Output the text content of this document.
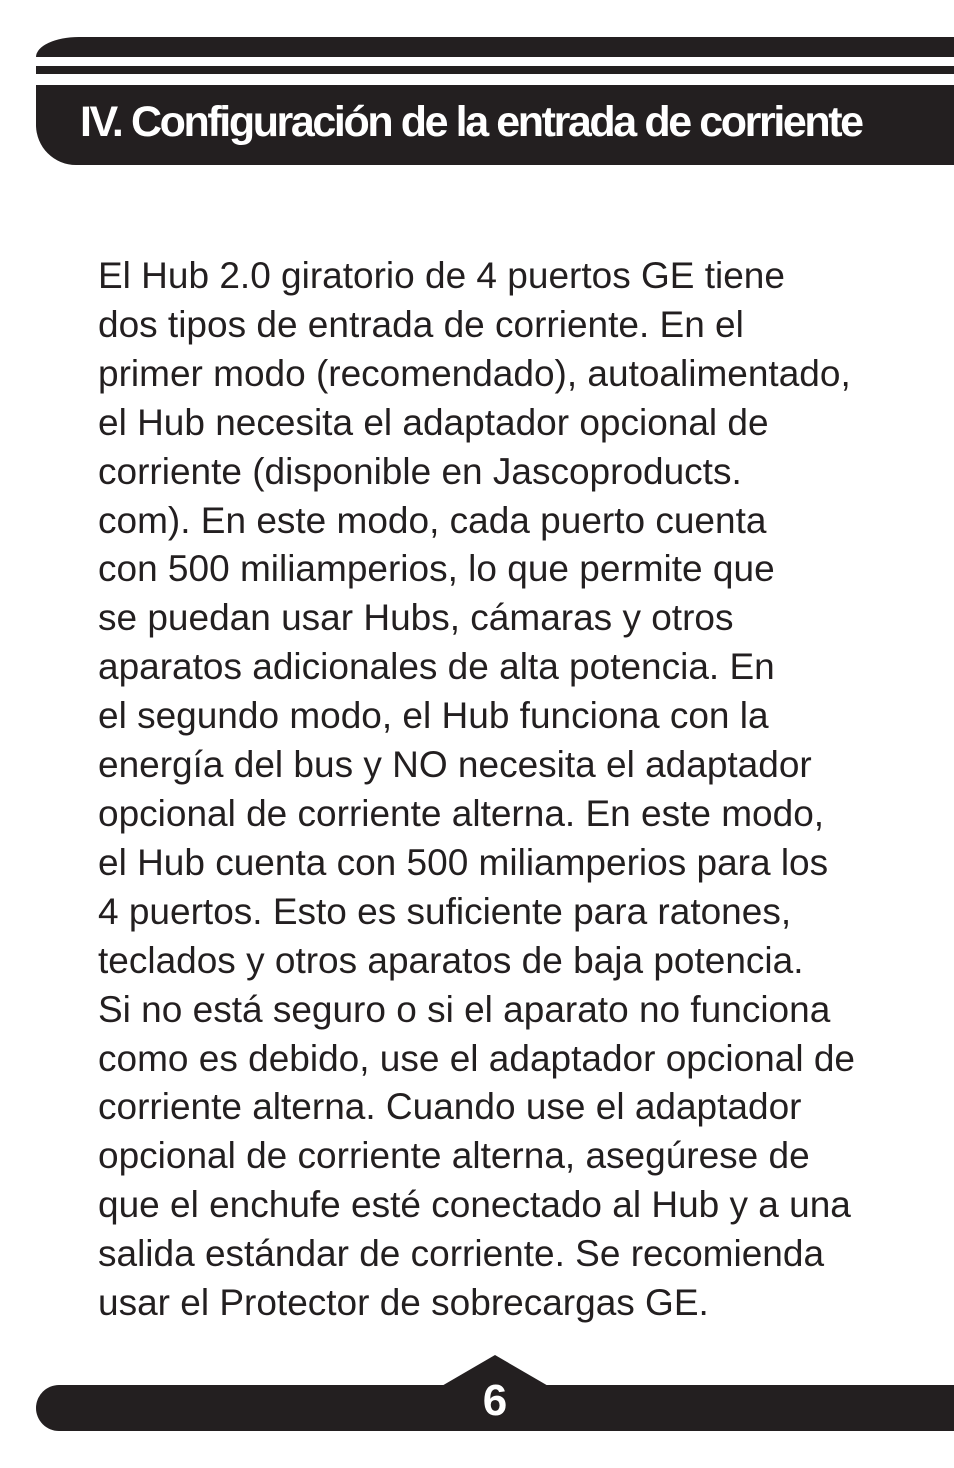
IV. Configuración de la entrada de corriente
El Hub 2.0 giratorio de 4 puertos GE tiene
dos tipos de entrada de corriente. En el
primer modo (recomendado), autoalimentado,
el Hub necesita el adaptador opcional de
corriente (disponible en Jascoproducts.
com). En este modo, cada puerto cuenta
con 500 miliamperios, lo que permite que
se puedan usar Hubs, cámaras y otros
aparatos adicionales de alta potencia. En
el segundo modo, el Hub funciona con la
energía del bus y NO necesita el adaptador
opcional de corriente alterna. En este modo,
el Hub cuenta con 500 miliamperios para los
4 puertos. Esto es suficiente para ratones,
teclados y otros aparatos de baja potencia.
Si no está seguro o si el aparato no funciona
como es debido, use el adaptador opcional de
corriente alterna. Cuando use el adaptador
opcional de corriente alterna, asegúrese de
que el enchufe esté conectado al Hub y a una
salida estándar de corriente. Se recomienda
usar el Protector de sobrecargas GE.
6
